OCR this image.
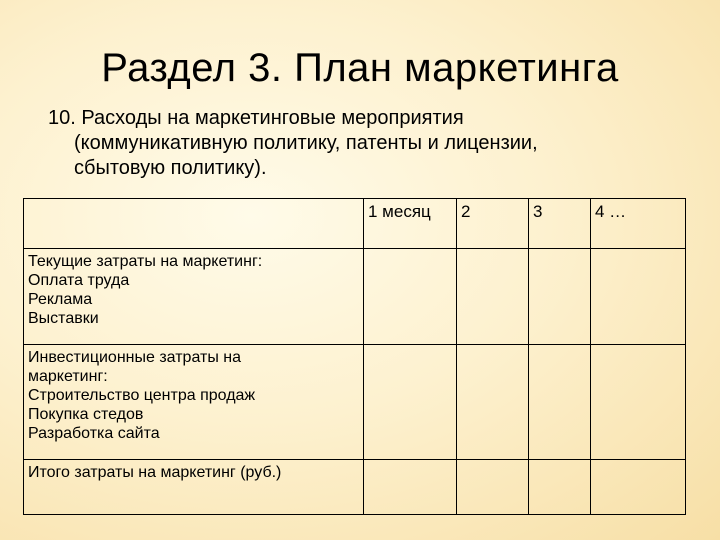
Раздел 3. План маркетинга
10. Расходы на маркетинговые мероприятия
(коммуникативную политику, патенты и лицензии,
сбытовую политику).
	1 месяц	2	3	4 …

Текущие затраты на маркетинг:
Оплата труда
Реклама
Выставки				

Инвестиционные затраты на
маркетинг:
Строительство центра продаж
Покупка стедов
Разработка сайта				

Итого затраты на маркетинг (руб.)				
